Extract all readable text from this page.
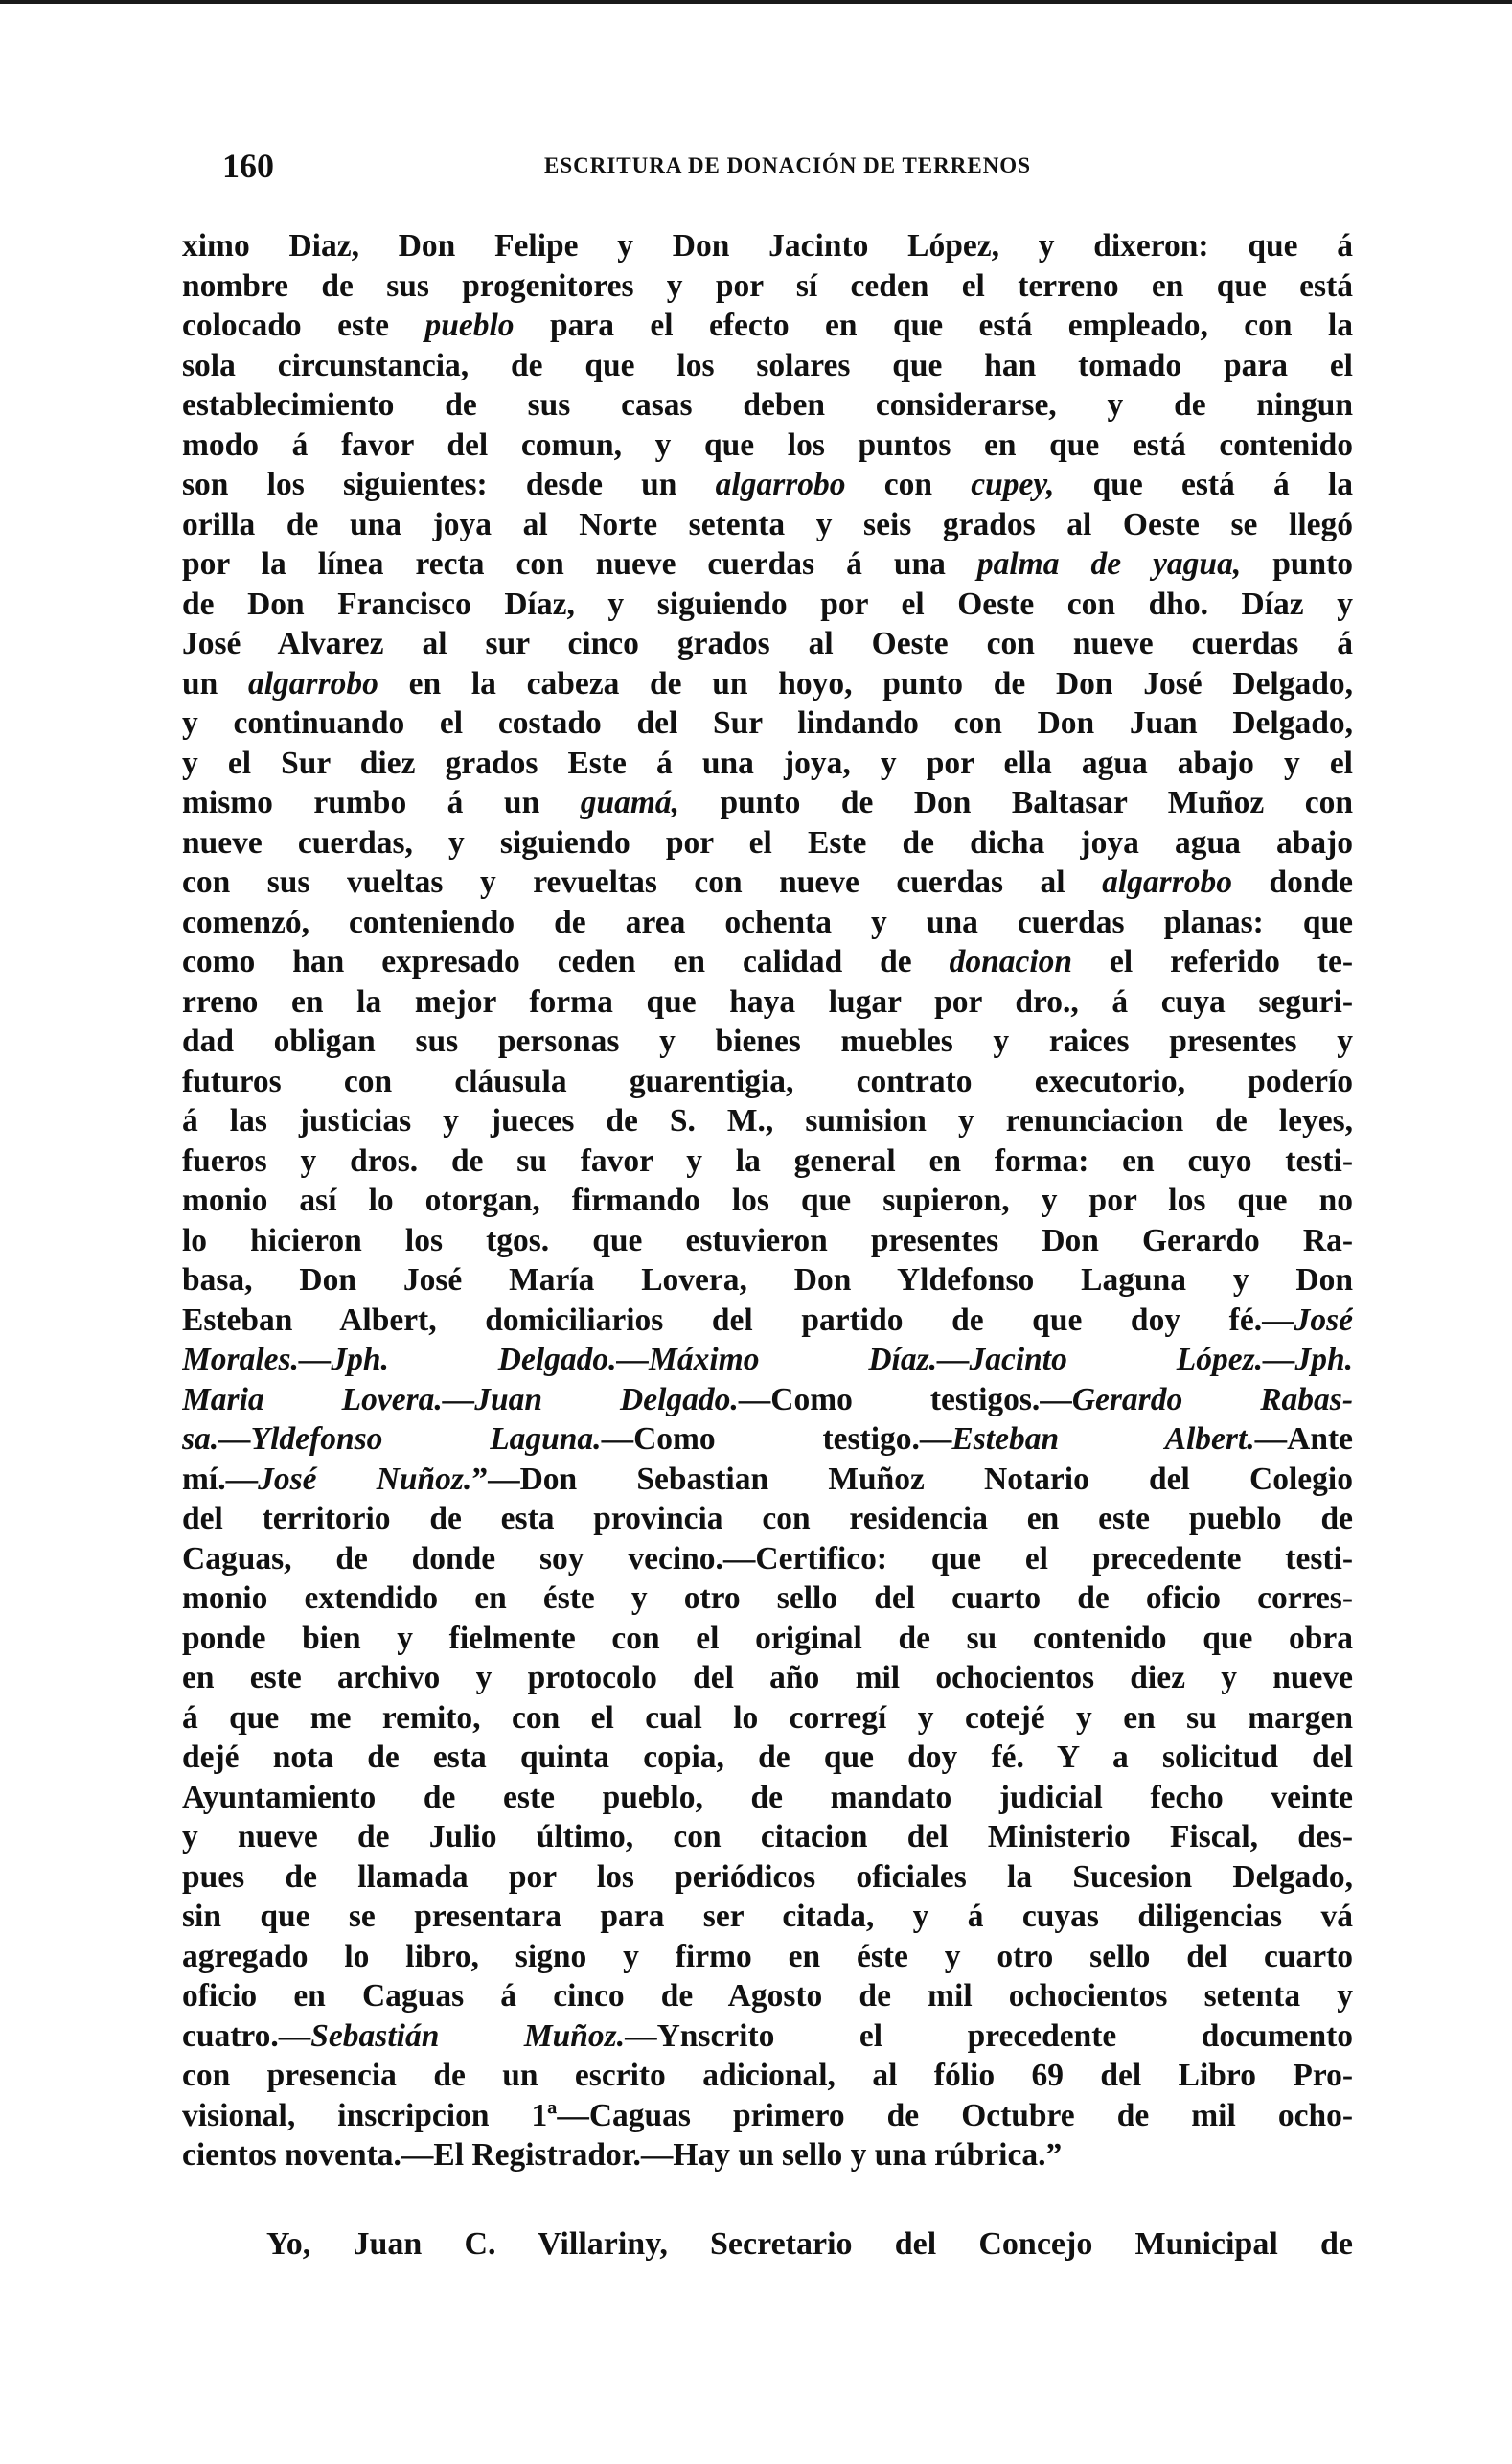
160	ESCRITURA DE DONACIÓN DE TERRENOS
ximo Diaz, Don Felipe y Don Jacinto López, y dixeron: que á
nombre de sus progenitores y por sí ceden el terreno en que está
colocado este pueblo para el efecto en que está empleado, con la
sola circunstancia, de que los solares que han tomado para el
establecimiento de sus casas deben considerarse, y de ningun
modo á favor del comun, y que los puntos en que está contenido
son los siguientes: desde un algarrobo con cupey, que está á la
orilla de una joya al Norte setenta y seis grados al Oeste se llegó
por la línea recta con nueve cuerdas á una palma de yagua, punto
de Don Francisco Díaz, y siguiendo por el Oeste con dho. Díaz y
José Alvarez al sur cinco grados al Oeste con nueve cuerdas á
un algarrobo en la cabeza de un hoyo, punto de Don José Delgado,
y continuando el costado del Sur lindando con Don Juan Delgado,
y el Sur diez grados Este á una joya, y por ella agua abajo y el
mismo rumbo á un guamá, punto de Don Baltasar Muñoz con
nueve cuerdas, y siguiendo por el Este de dicha joya agua abajo
con sus vueltas y revueltas con nueve cuerdas al algarrobo donde
comenzó, conteniendo de area ochenta y una cuerdas planas: que
como han expresado ceden en calidad de donacion el referido te-
rreno en la mejor forma que haya lugar por dro., á cuya seguri-
dad obligan sus personas y bienes muebles y raices presentes y
futuros con cláusula guarentigia, contrato executorio, poderío
á las justicias y jueces de S. M., sumision y renunciacion de leyes,
fueros y dros. de su favor y la general en forma: en cuyo testi-
monio así lo otorgan, firmando los que supieron, y por los que no
lo hicieron los tgos. que estuvieron presentes Don Gerardo Ra-
basa, Don José María Lovera, Don Yldefonso Laguna y Don
Esteban Albert, domiciliarios del partido de que doy fé.—José
Morales.—Jph. Delgado.—Máximo Díaz.—Jacinto López.—Jph.
Maria Lovera.—Juan Delgado.—Como testigos.—Gerardo Rabas-
sa.—Yldefonso Laguna.—Como testigo.—Esteban Albert.—Ante
mí.—José Nuñoz.”—Don Sebastian Muñoz Notario del Colegio
del territorio de esta provincia con residencia en este pueblo de
Caguas, de donde soy vecino.—Certifico: que el precedente testi-
monio extendido en éste y otro sello del cuarto de oficio corres-
ponde bien y fielmente con el original de su contenido que obra
en este archivo y protocolo del año mil ochocientos diez y nueve
á que me remito, con el cual lo corregí y cotejé y en su margen
dejé nota de esta quinta copia, de que doy fé. Y a solicitud del
Ayuntamiento de este pueblo, de mandato judicial fecho veinte
y nueve de Julio último, con citacion del Ministerio Fiscal, des-
pues de llamada por los periódicos oficiales la Sucesion Delgado,
sin que se presentara para ser citada, y á cuyas diligencias vá
agregado lo libro, signo y firmo en éste y otro sello del cuarto
oficio en Caguas á cinco de Agosto de mil ochocientos setenta y
cuatro.—Sebastián Muñoz.—Ynscrito el precedente documento
con presencia de un escrito adicional, al fólio 69 del Libro Pro-
visional, inscripcion 1ª—Caguas primero de Octubre de mil ocho-
cientos noventa.—El Registrador.—Hay un sello y una rúbrica.”
Yo, Juan C. Villariny, Secretario del Concejo Municipal de
